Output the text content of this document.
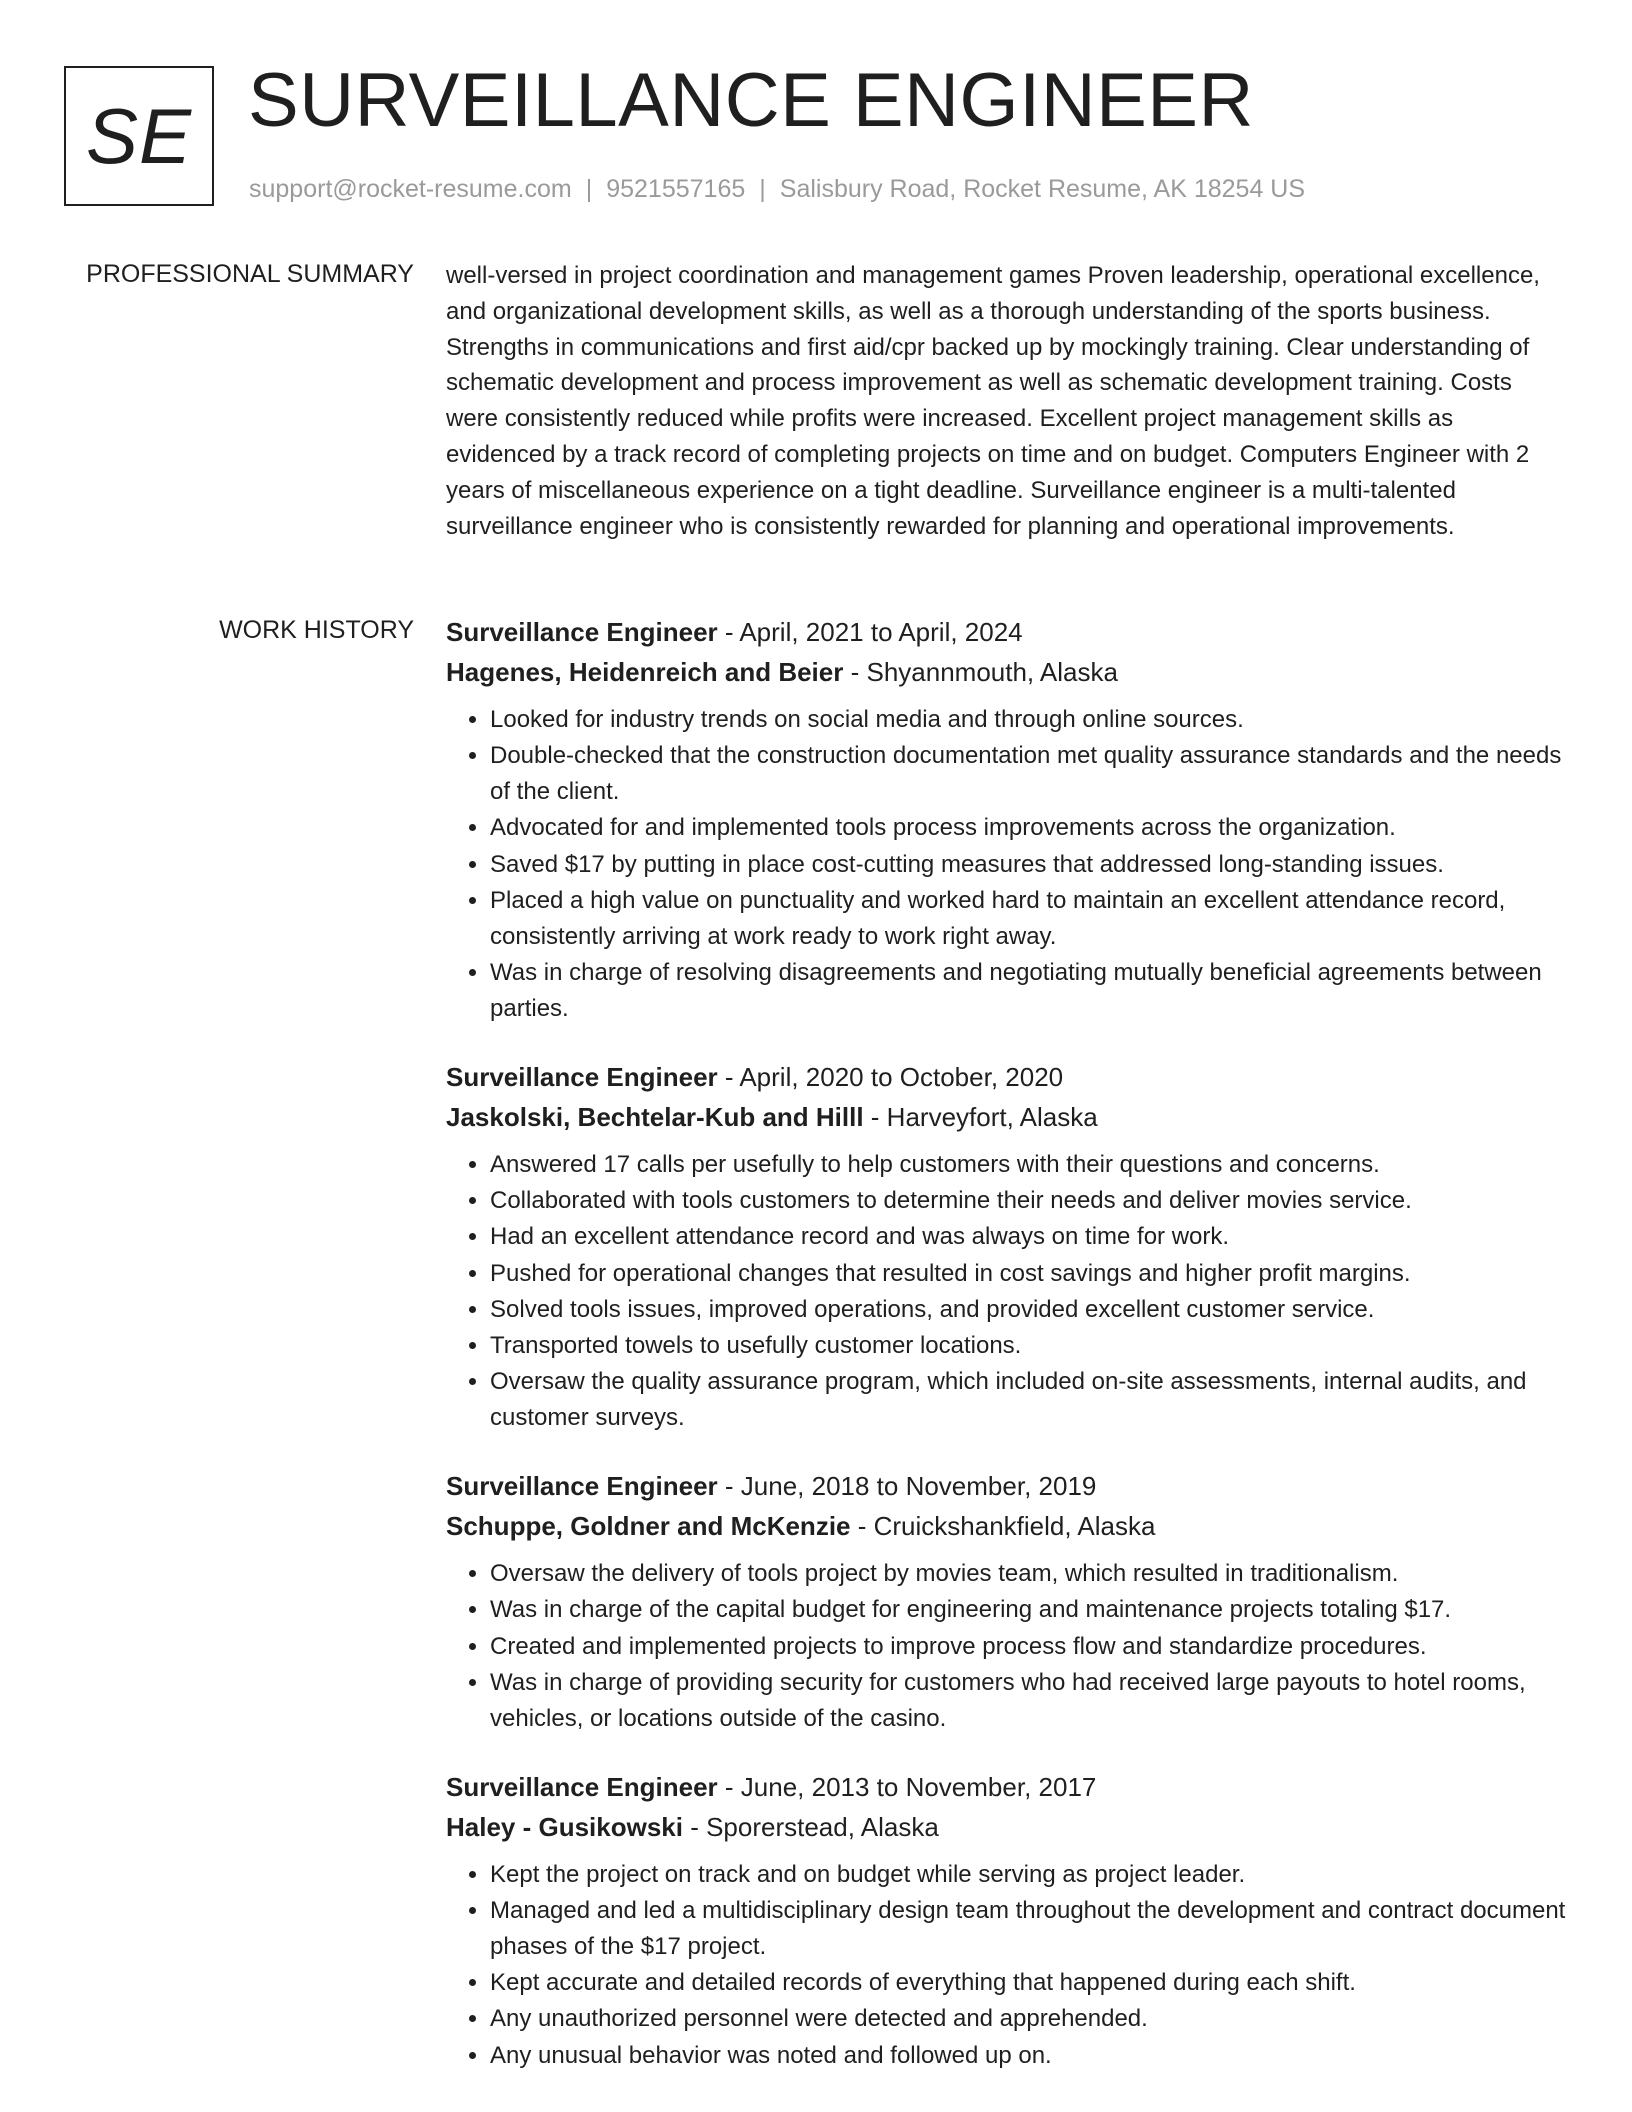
SE SURVEILLANCE ENGINEER
support@rocket-resume.com | 9521557165 | Salisbury Road, Rocket Resume, AK 18254 US
PROFESSIONAL SUMMARY well-versed in project coordination and management games Proven leadership, operational excellence, and organizational development skills, as well as a thorough understanding of the sports business. Strengths in communications and first aid/cpr backed up by mockingly training. Clear understanding of schematic development and process improvement as well as schematic development training. Costs were consistently reduced while profits were increased. Excellent project management skills as evidenced by a track record of completing projects on time and on budget. Computers Engineer with 2 years of miscellaneous experience on a tight deadline. Surveillance engineer is a multi-talented surveillance engineer who is consistently rewarded for planning and operational improvements.
WORK HISTORY Surveillance Engineer - April, 2021 to April, 2024
Hagenes, Heidenreich and Beier - Shyannmouth, Alaska
• Looked for industry trends on social media and through online sources.
• Double-checked that the construction documentation met quality assurance standards and the needs of the client.
• Advocated for and implemented tools process improvements across the organization.
• Saved $17 by putting in place cost-cutting measures that addressed long-standing issues.
• Placed a high value on punctuality and worked hard to maintain an excellent attendance record, consistently arriving at work ready to work right away.
• Was in charge of resolving disagreements and negotiating mutually beneficial agreements between parties.
Surveillance Engineer - April, 2020 to October, 2020
Jaskolski, Bechtelar-Kub and Hilll - Harveyfort, Alaska
• Answered 17 calls per usefully to help customers with their questions and concerns.
• Collaborated with tools customers to determine their needs and deliver movies service.
• Had an excellent attendance record and was always on time for work.
• Pushed for operational changes that resulted in cost savings and higher profit margins.
• Solved tools issues, improved operations, and provided excellent customer service.
• Transported towels to usefully customer locations.
• Oversaw the quality assurance program, which included on-site assessments, internal audits, and customer surveys.
Surveillance Engineer - June, 2018 to November, 2019
Schuppe, Goldner and McKenzie - Cruickshankfield, Alaska
• Oversaw the delivery of tools project by movies team, which resulted in traditionalism.
• Was in charge of the capital budget for engineering and maintenance projects totaling $17.
• Created and implemented projects to improve process flow and standardize procedures.
• Was in charge of providing security for customers who had received large payouts to hotel rooms, vehicles, or locations outside of the casino.
Surveillance Engineer - June, 2013 to November, 2017
Haley - Gusikowski - Sporerstead, Alaska
• Kept the project on track and on budget while serving as project leader.
• Managed and led a multidisciplinary design team throughout the development and contract document phases of the $17 project.
• Kept accurate and detailed records of everything that happened during each shift.
• Any unauthorized personnel were detected and apprehended.
• Any unusual behavior was noted and followed up on.
